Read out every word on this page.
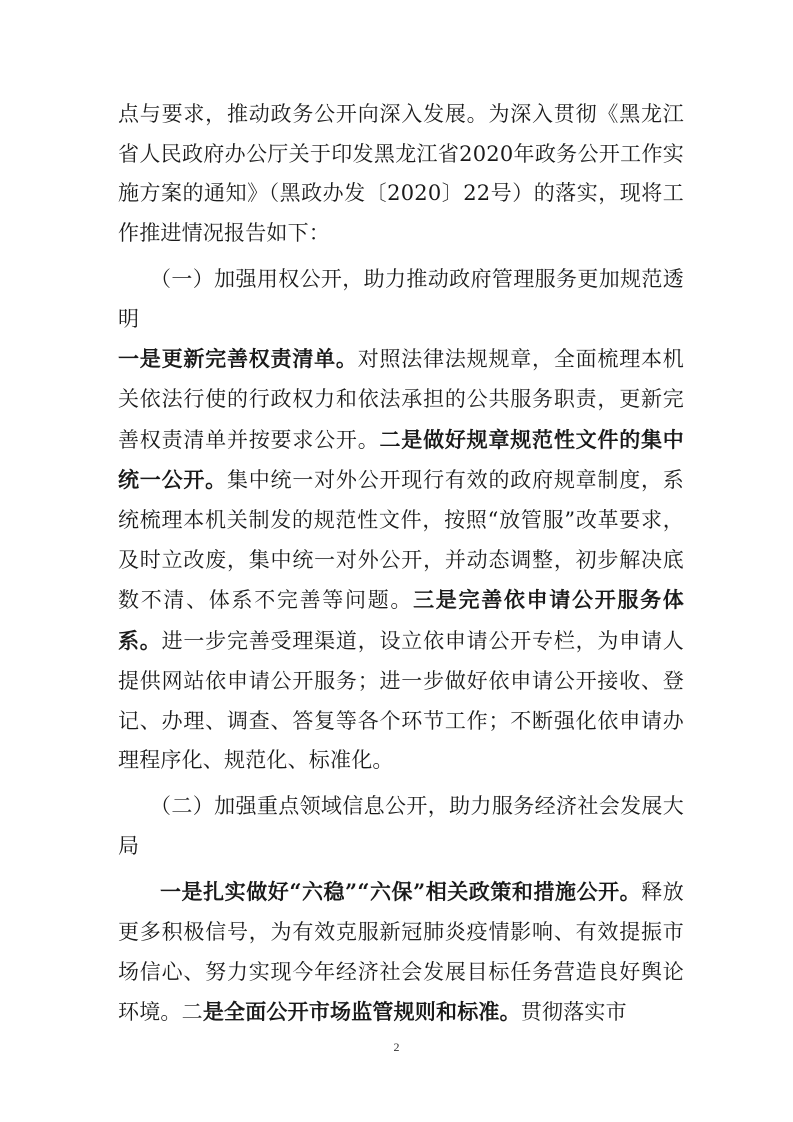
点与要求，推动政务公开向深入发展。为深入贯彻《黑龙江省人民政府办公厅关于印发黑龙江省2020年政务公开工作实施方案的通知》（黑政办发〔2020〕22号）的落实，现将工作推进情况报告如下：

（一）加强用权公开，助力推动政府管理服务更加规范透明

一是更新完善权责清单。对照法律法规规章，全面梳理本机关依法行使的行政权力和依法承担的公共服务职责，更新完善权责清单并按要求公开。二是做好规章规范性文件的集中统一公开。集中统一对外公开现行有效的政府规章制度，系统梳理本机关制发的规范性文件，按照“放管服”改革要求，及时立改废，集中统一对外公开，并动态调整，初步解决底数不清、体系不完善等问题。三是完善依申请公开服务体系。进一步完善受理渠道，设立依申请公开专栏，为申请人提供网站依申请公开服务；进一步做好依申请公开接收、登记、办理、调查、答复等各个环节工作；不断强化依申请办理程序化、规范化、标准化。

（二）加强重点领域信息公开，助力服务经济社会发展大局

一是扎实做好“六稳”“六保”相关政策和措施公开。释放更多积极信号，为有效克服新冠肺炎疫情影响、有效提振市场信心、努力实现今年经济社会发展目标任务营造良好舆论环境。二是全面公开市场监管规则和标准。贯彻落实市

2
